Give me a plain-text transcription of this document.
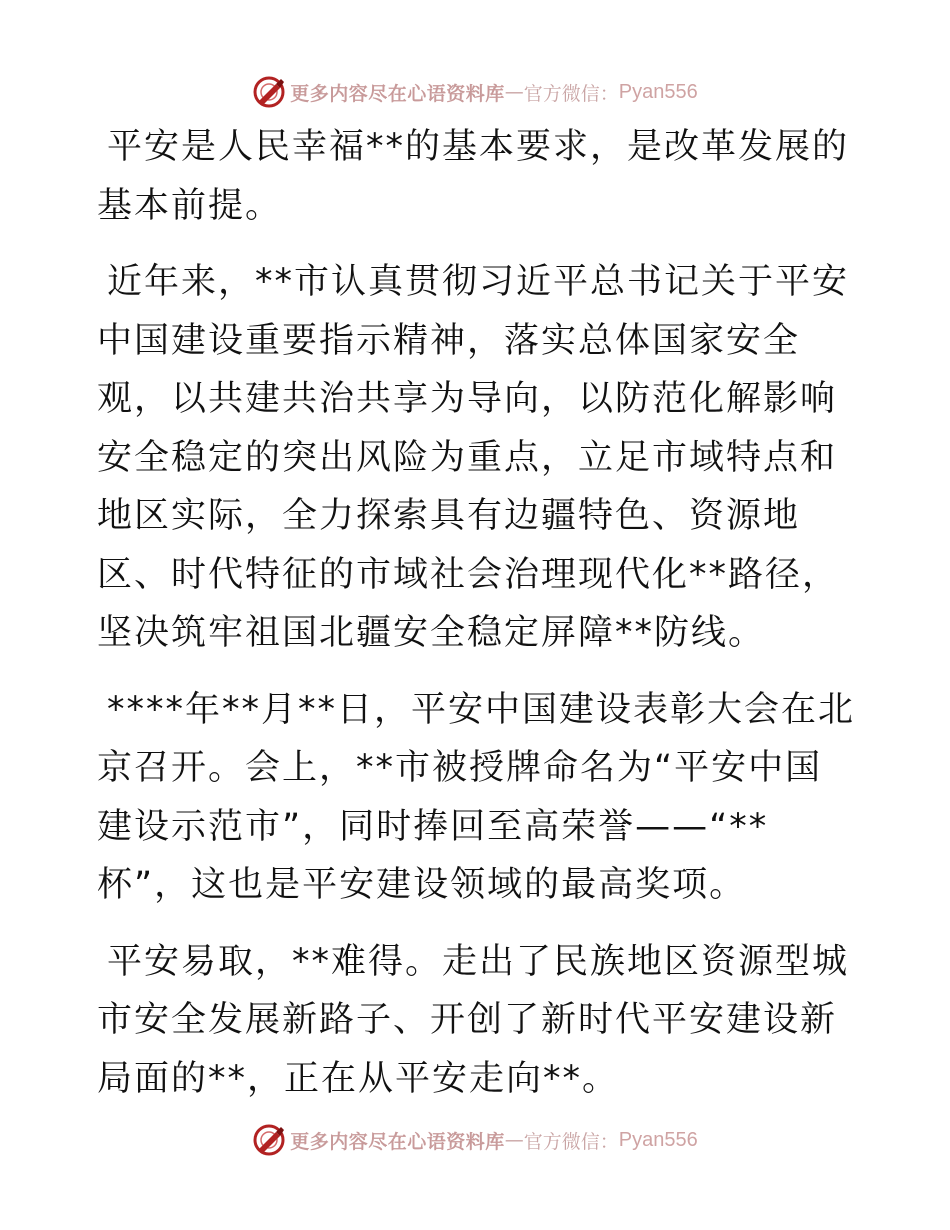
更多内容尽在心语资料库 — 官方微信： Pyan556

平安是人民幸福**的基本要求，是改革发展的基本前提。

近年来，**市认真贯彻习近平总书记关于平安中国建设重要指示精神，落实总体国家安全观，以共建共治共享为导向，以防范化解影响安全稳定的突出风险为重点，立足市域特点和地区实际，全力探索具有边疆特色、资源地区、时代特征的市域社会治理现代化**路径，坚决筑牢祖国北疆安全稳定屏障**防线。

****年**月**日，平安中国建设表彰大会在北京召开。会上，**市被授牌命名为“平安中国建设示范市”，同时捧回至高荣誉——“**杯”，这也是平安建设领域的最高奖项。

平安易取，**难得。走出了民族地区资源型城市安全发展新路子、开创了新时代平安建设新局面的**，正在从平安走向**。

更多内容尽在心语资料库 — 官方微信： Pyan556
